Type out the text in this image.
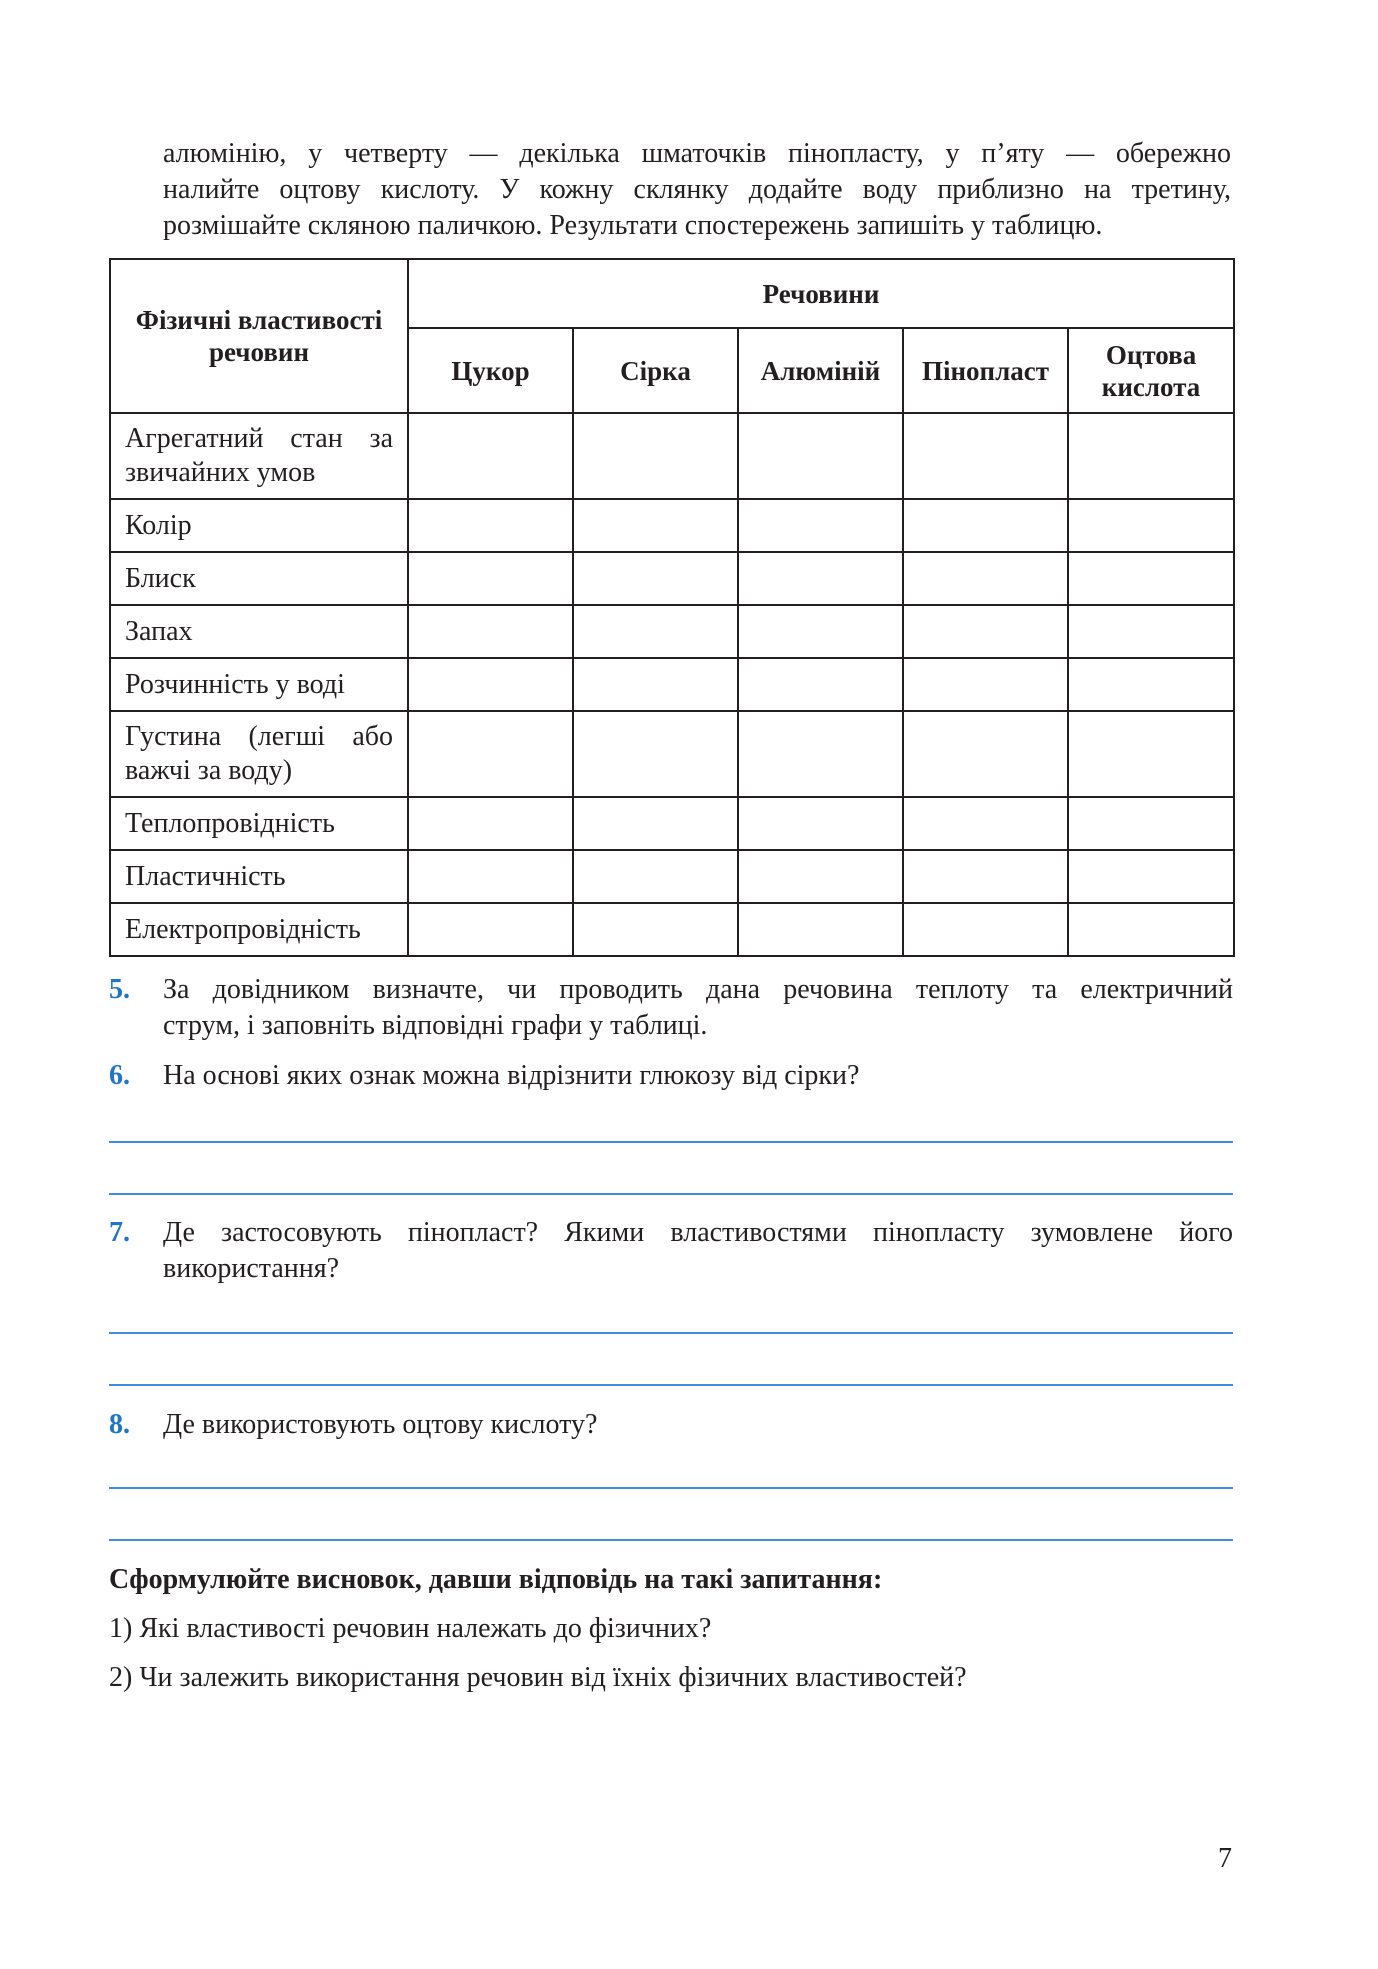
алюмінію, у четверту — декілька шматочків пінопласту, у п’яту — обережно
налийте оцтову кислоту. У кожну склянку додайте воду приблизно на третину,
розмішайте скляною паличкою. Результати спостережень запишіть у таблицю.
Фізичні властивості речовин	Речовини				
	Цукор	Сірка	Алюміній	Пінопласт	Оцтова кислота

Агрегатний стан за
звичайних умов					

Колір					

Блиск					

Запах					

Розчинність у воді					

Густина (легші або
важчі за воду)					

Теплопровідність					

Пластичність					

Електропровідність					

5. За довідником визначте, чи проводить дана речовина теплоту та електричний
струм, і заповніть відповідні графи у таблиці.
6. На основі яких ознак можна відрізнити глюкозу від сірки?
7. Де застосовують пінопласт? Якими властивостями пінопласту зумовлене його
використання?
8. Де використовують оцтову кислоту?
Сформулюйте висновок, давши відповідь на такі запитання:
1) Які властивості речовин належать до фізичних?
2) Чи залежить використання речовин від їхніх фізичних властивостей?
7
